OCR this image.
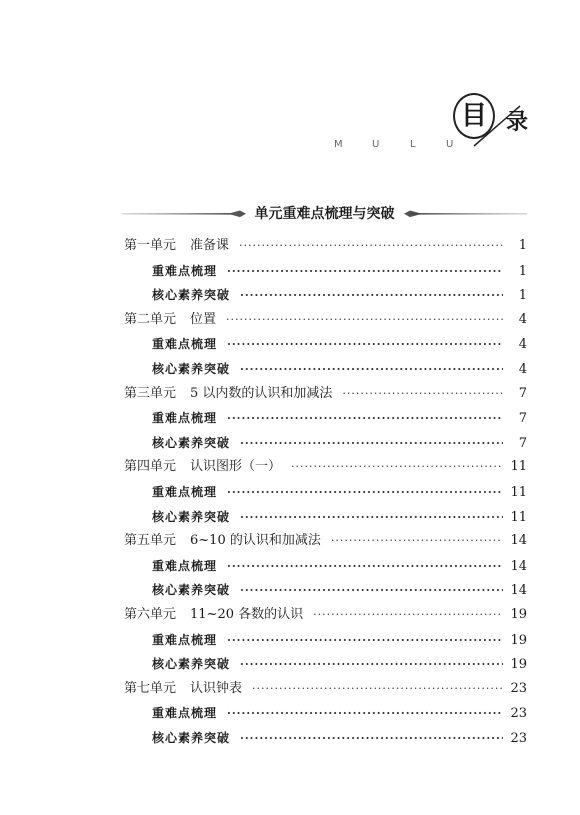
目 录
M	U	L	U
单元重难点梳理与突破
第一单元 准备课 ·····	1
重难点梳理 ·····	1
核心素养突破 ·····	1
第二单元 位置 ·····	4
重难点梳理 ·····	4
核心素养突破 ·····	4
第三单元 5 以内数的认识和加减法 ·····	7
重难点梳理 ·····	7
核心素养突破 ·····	7
第四单元 认识图形（一） ·····	11
重难点梳理 ·····	11
核心素养突破 ·····	11
第五单元 6~10 的认识和加减法 ·····	14
重难点梳理 ·····	14
核心素养突破 ·····	14
第六单元 11~20 各数的认识 ·····	19
重难点梳理 ·····	19
核心素养突破 ·····	19
第七单元 认识钟表 ·····	23
重难点梳理 ·····	23
核心素养突破 ·····	23
